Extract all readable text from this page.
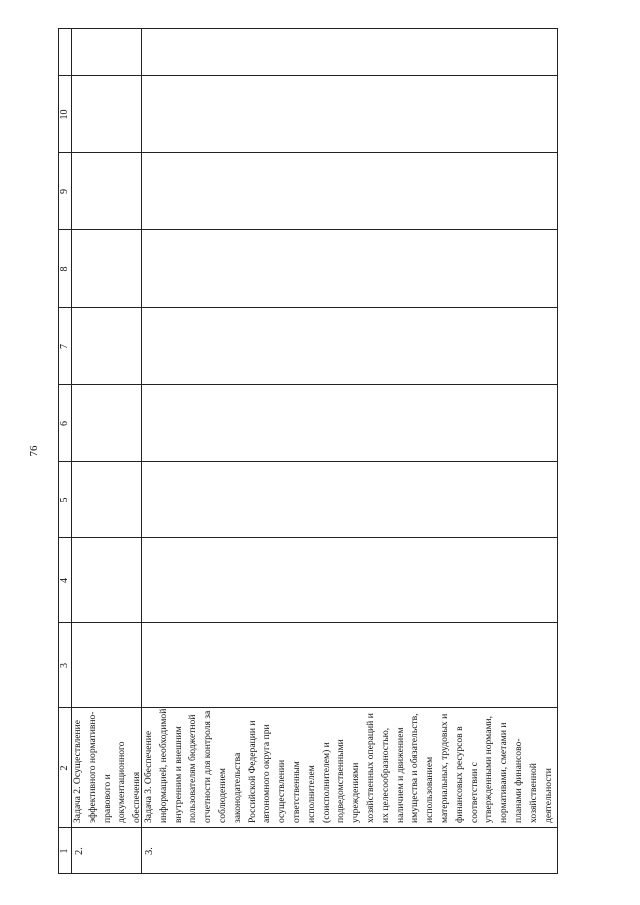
76
1
2
3
4
5
6
7
8
9
10
2.
Задача 2. Осуществление эффективного нормативно- правового и документационного обеспечения
3.
Задача 3. Обеспечение информацией, необходимой внутренним и внешним пользователям бюджетной отчетности для контроля за соблюдением законодательства Российской Федерации и автономного округа при осуществлении ответственным исполнителем (соисполнителем) и подведомственными учреждениями хозяйственных операций и их целесообразностью, наличием и движением имущества и обязательств, использованием материальных, трудовых и финансовых ресурсов в соответствии с утвержденными нормами, нормативами, сметами и планами финансово- хозяйственной деятельности
